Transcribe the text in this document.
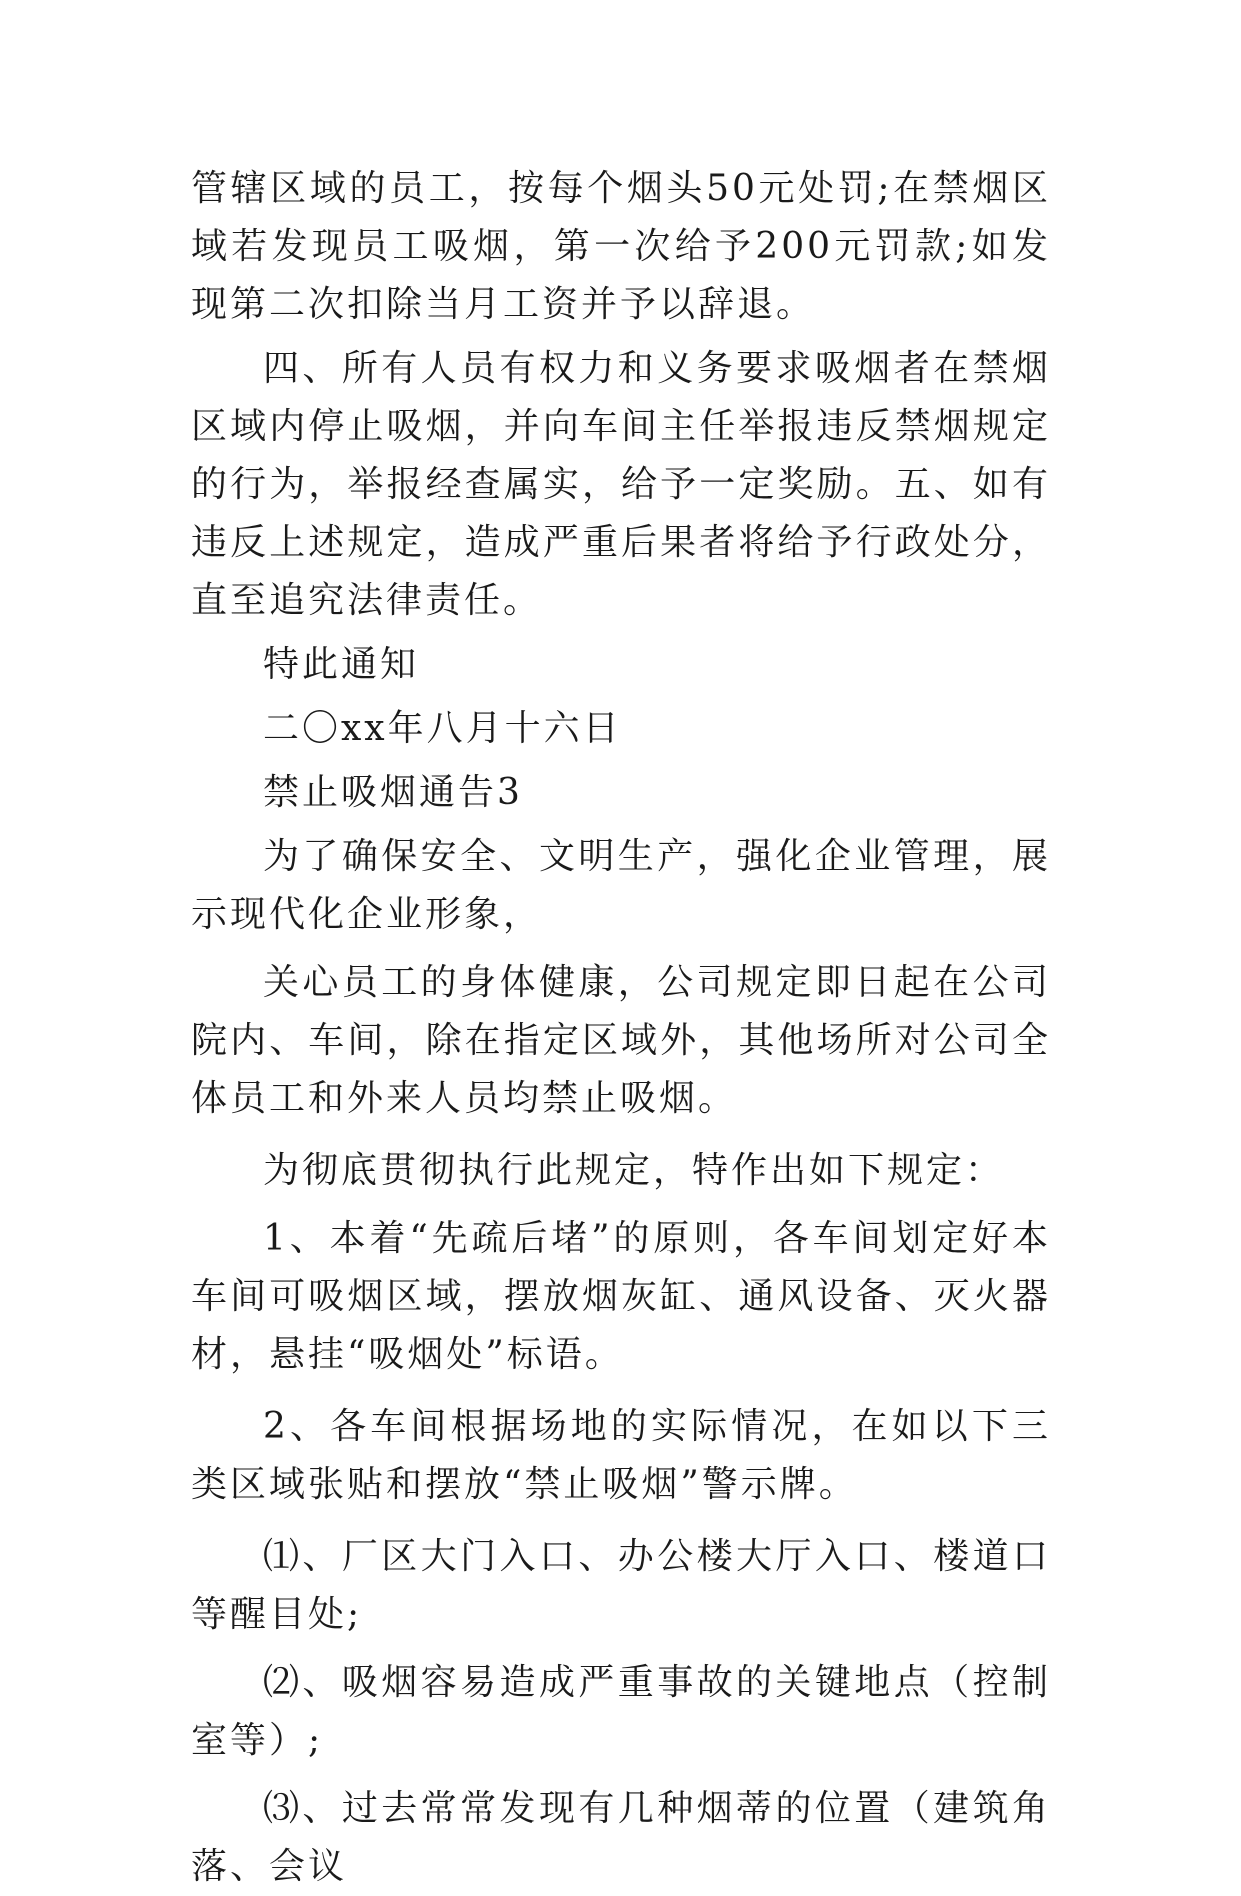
管辖区域的员工，按每个烟头50元处罚;在禁烟区域若发现员工吸烟，第一次给予200元罚款;如发现第二次扣除当月工资并予以辞退。

四、所有人员有权力和义务要求吸烟者在禁烟区域内停止吸烟，并向车间主任举报违反禁烟规定的行为，举报经查属实，给予一定奖励。五、如有违反上述规定，造成严重后果者将给予行政处分，直至追究法律责任。

特此通知

二〇xx年八月十六日

禁止吸烟通告3

为了确保安全、文明生产，强化企业管理，展示现代化企业形象，

关心员工的身体健康，公司规定即日起在公司院内、车间，除在指定区域外，其他场所对公司全体员工和外来人员均禁止吸烟。

为彻底贯彻执行此规定，特作出如下规定：

1、本着“先疏后堵”的原则，各车间划定好本车间可吸烟区域，摆放烟灰缸、通风设备、灭火器材，悬挂“吸烟处”标语。

2、各车间根据场地的实际情况，在如以下三类区域张贴和摆放“禁止吸烟”警示牌。

⑴、厂区大门入口、办公楼大厅入口、楼道口等醒目处;

⑵、吸烟容易造成严重事故的关键地点（控制室等）;

⑶、过去常常发现有几种烟蒂的位置（建筑角落、会议
